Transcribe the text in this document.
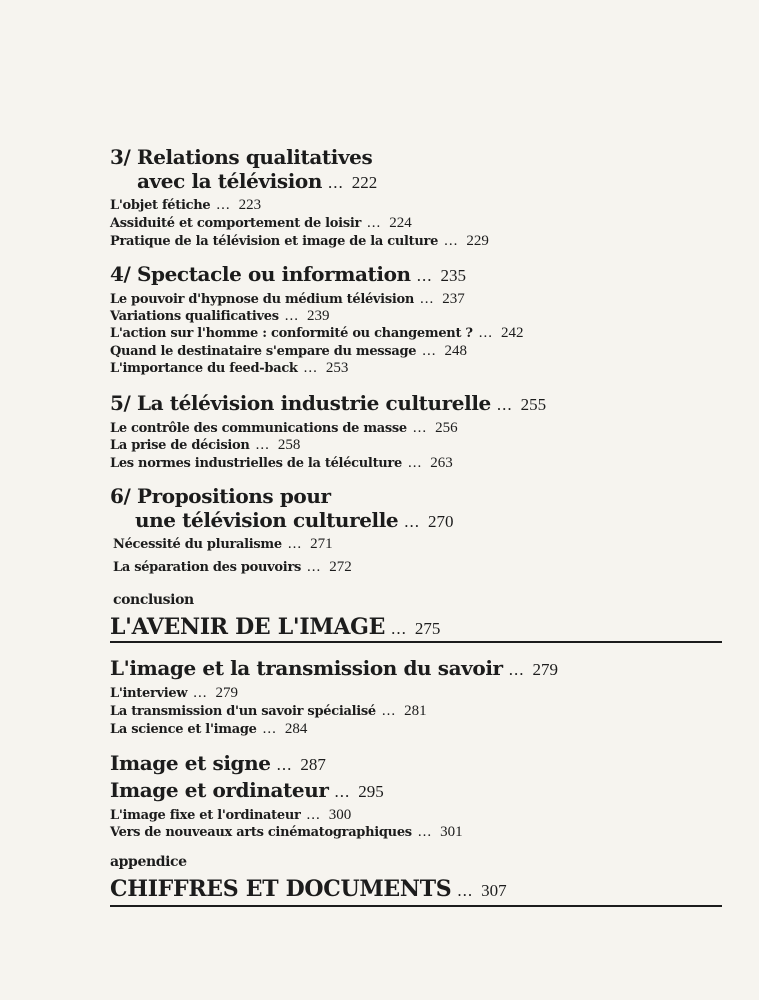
3/ Relations qualitatives
avec la télévision ... 222
L'objet fétiche ... 223
Assiduité et comportement de loisir ... 224
Pratique de la télévision et image de la culture ... 229
4/ Spectacle ou information ... 235
Le pouvoir d'hypnose du médium télévision ... 237
Variations qualificatives ... 239
L'action sur l'homme : conformité ou changement ? ... 242
Quand le destinataire s'empare du message ... 248
L'importance du feed-back ... 253
5/ La télévision industrie culturelle ... 255
Le contrôle des communications de masse ... 256
La prise de décision ... 258
Les normes industrielles de la téléculture ... 263
6/ Propositions pour
une télévision culturelle ... 270
Nécessité du pluralisme ... 271
La séparation des pouvoirs ... 272
conclusion
L'AVENIR DE L'IMAGE ... 275
L'image et la transmission du savoir ... 279
L'interview ... 279
La transmission d'un savoir spécialisé ... 281
La science et l'image ... 284
Image et signe ... 287
Image et ordinateur ... 295
L'image fixe et l'ordinateur ... 300
Vers de nouveaux arts cinématographiques ... 301
appendice
CHIFFRES ET DOCUMENTS ... 307
